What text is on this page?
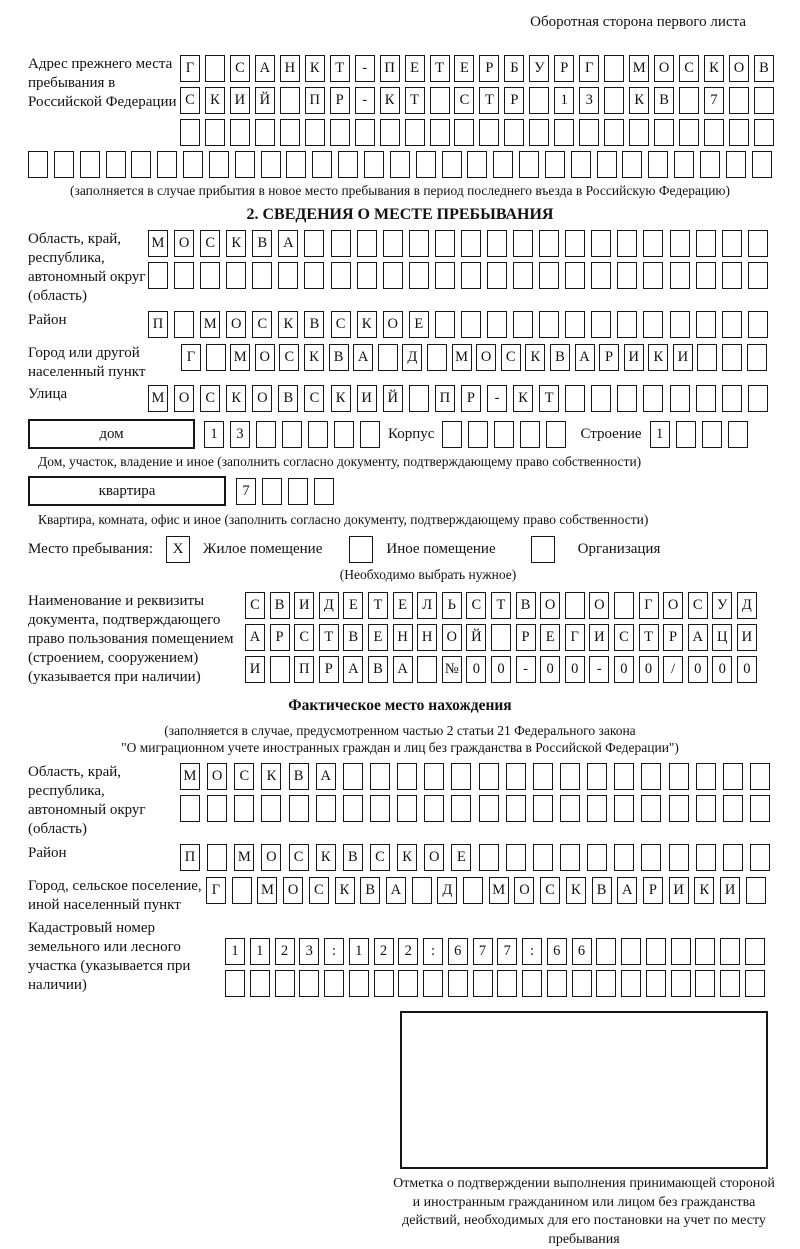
Оборотная сторона первого листа
Адрес прежнего места пребывания в Российской Федерации
Г	С	А Н	К	Т	-	П	Е	Т	Е	Р	Б	У	Р	Г	М О	С	К	О	В
С	К	И Й	П	Р	-	К	Т	С	Т	Р	1	3	К	В	7
(заполняется в случае прибытия в новое место пребывания в период последнего въезда в Российскую Федерацию)
2. СВЕДЕНИЯ О МЕСТЕ ПРЕБЫВАНИЯ
Область, край, республика, автономный округ (область)
М О	С	К	В	А
Район	П	М О	С	К	В	С	К	О	Е
Город или другой населенный пункт
Г	М О	С	К	В	А	Д	М О	С	К	В	А	Р	И	К	И
Улица	М О	С	К	О	В	С	К	И	Й	П	Р	-	К	Т
дом	1	3	Корпус	Строение 1
Дом, участок, владение и иное (заполнить согласно документу, подтверждающему право собственности)
квартира	7
Квартира, комната, офис и иное (заполнить согласно документу, подтверждающему право собственности)
Место пребывания:	X	Жилое помещение	Иное помещение	Организация
(Необходимо выбрать нужное)
Наименование и реквизиты документа, подтверждающего право пользования помещением (строением, сооружением) (указывается при наличии)
С	В	И Д	Е	Т	Е	Л	Ь	С	Т	В	О	О	Г	О	С	У	Д
А	Р	С	Т	В	Е	Н Н О Й	Р	Е	Г	И	С	Т	Р	А Ц И
И	П	Р	А	В	А	№ 0	0	-	0	0	-	0	0	/	0	0	0
Фактическое место нахождения
(заполняется в случае, предусмотренном частью 2 статьи 21 Федерального закона
"О миграционном учете иностранных граждан и лиц без гражданства в Российской Федерации")
Область, край, республика, автономный округ (область)
М	О	С	К	В	А
Район	П	М	О	С	К	В	С	К	О	Е
Город, сельское поселение, иной населенный пункт
Г	М О	С	К	В	А	Д	М О	С	К	В	А	Р	И	К	И
Кадастровый номер земельного или лесного участка (указывается при наличии)
1	1	2	3	:	1	2	2	:	6	7	7	:	6	6
Отметка о подтверждении выполнения принимающей стороной и иностранным гражданином или лицом без гражданства действий, необходимых для его постановки на учет по месту пребывания
